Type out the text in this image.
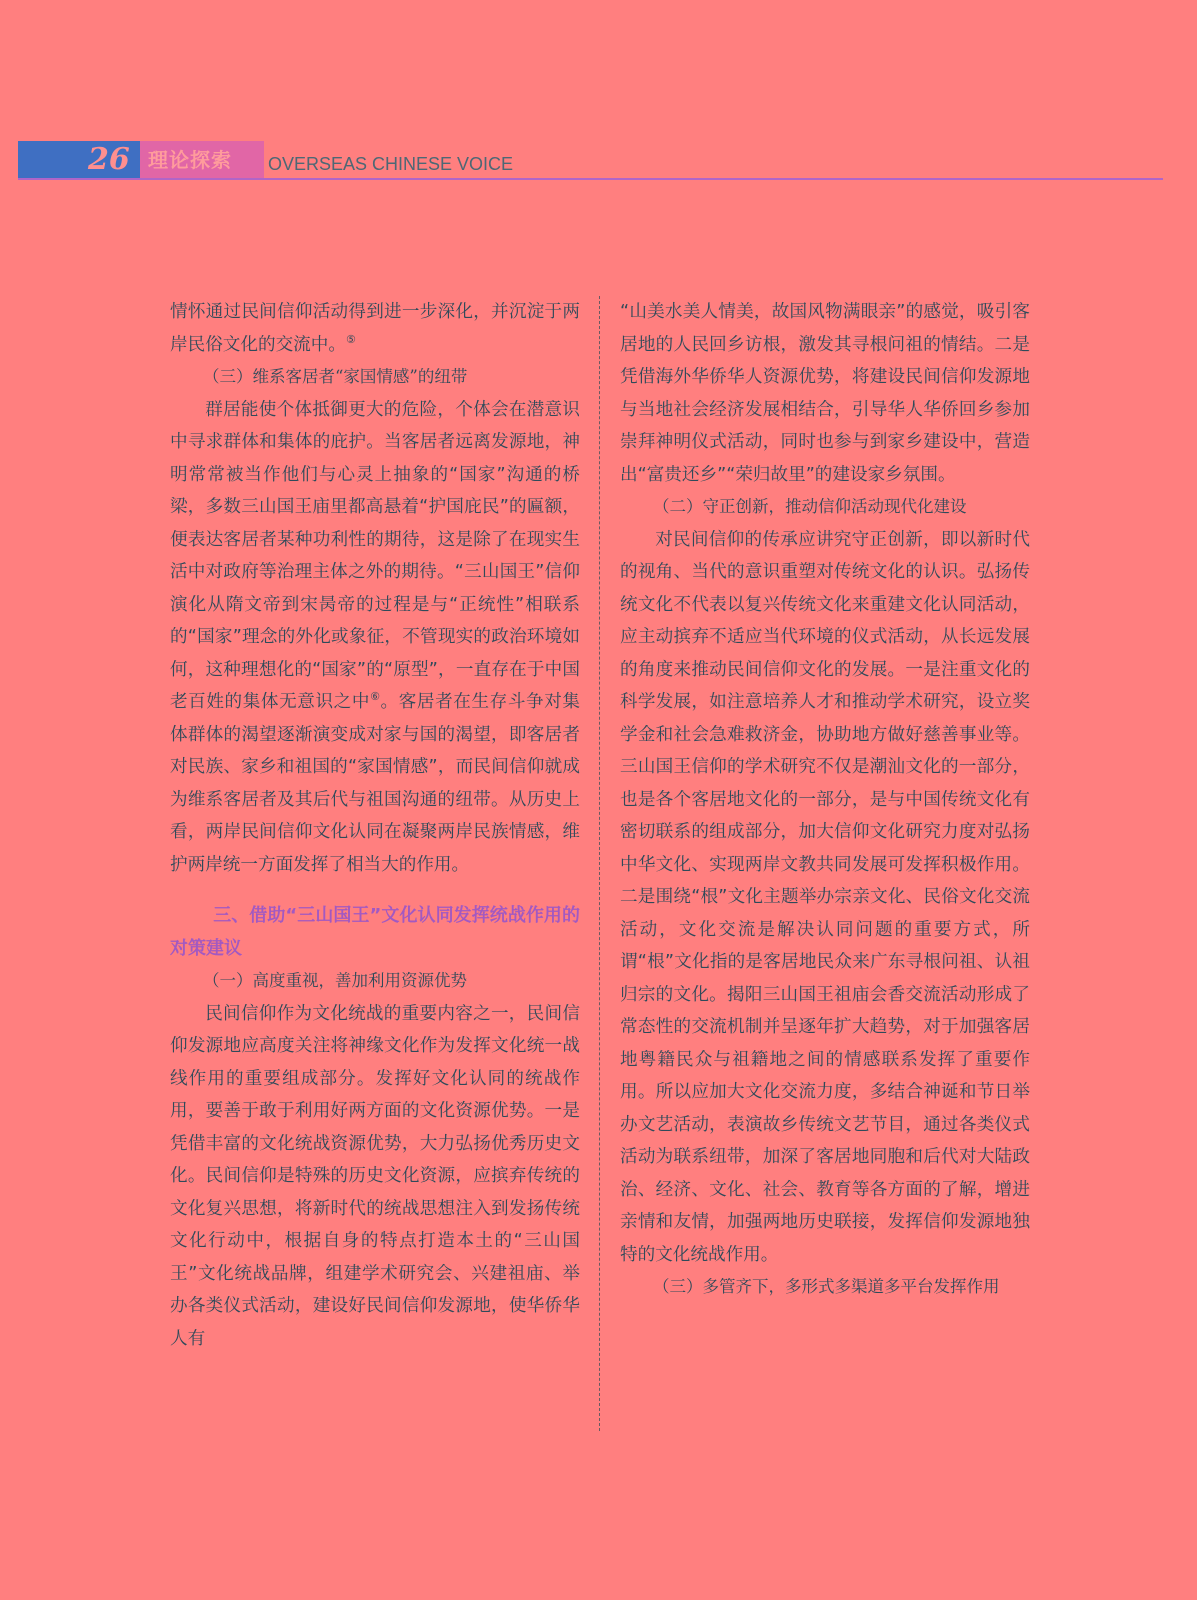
26 理论探索 OVERSEAS CHINESE VOICE

情怀通过民间信仰活动得到进一步深化，并沉淀于两岸民俗文化的交流中。⑤

（三）维系客居者“家国情感”的纽带

群居能使个体抵御更大的危险，个体会在潜意识中寻求群体和集体的庇护。当客居者远离发源地，神明常常被当作他们与心灵上抽象的“国家”沟通的桥梁，多数三山国王庙里都高悬着“护国庇民”的匾额，便表达客居者某种功利性的期待，这是除了在现实生活中对政府等治理主体之外的期待。“三山国王”信仰演化从隋文帝到宋昺帝的过程是与“正统性”相联系的“国家”理念的外化或象征，不管现实的政治环境如何，这种理想化的“国家”的“原型”，一直存在于中国老百姓的集体无意识之中⑥。客居者在生存斗争对集体群体的渴望逐渐演变成对家与国的渴望，即客居者对民族、家乡和祖国的“家国情感”，而民间信仰就成为维系客居者及其后代与祖国沟通的纽带。从历史上看，两岸民间信仰文化认同在凝聚两岸民族情感，维护两岸统一方面发挥了相当大的作用。

三、借助“三山国王”文化认同发挥统战作用的对策建议

（一）高度重视，善加利用资源优势

民间信仰作为文化统战的重要内容之一，民间信仰发源地应高度关注将神缘文化作为发挥文化统一战线作用的重要组成部分。发挥好文化认同的统战作用，要善于敢于利用好两方面的文化资源优势。一是凭借丰富的文化统战资源优势，大力弘扬优秀历史文化。民间信仰是特殊的历史文化资源，应摈弃传统的文化复兴思想，将新时代的统战思想注入到发扬传统文化行动中，根据自身的特点打造本土的“三山国王”文化统战品牌，组建学术研究会、兴建祖庙、举办各类仪式活动，建设好民间信仰发源地，使华侨华人有

“山美水美人情美，故国风物满眼亲”的感觉，吸引客居地的人民回乡访根，激发其寻根问祖的情结。二是凭借海外华侨华人资源优势，将建设民间信仰发源地与当地社会经济发展相结合，引导华人华侨回乡参加崇拜神明仪式活动，同时也参与到家乡建设中，营造出“富贵还乡”“荣归故里”的建设家乡氛围。

（二）守正创新，推动信仰活动现代化建设

对民间信仰的传承应讲究守正创新，即以新时代的视角、当代的意识重塑对传统文化的认识。弘扬传统文化不代表以复兴传统文化来重建文化认同活动，应主动摈弃不适应当代环境的仪式活动，从长远发展的角度来推动民间信仰文化的发展。一是注重文化的科学发展，如注意培养人才和推动学术研究，设立奖学金和社会急难救济金，协助地方做好慈善事业等。三山国王信仰的学术研究不仅是潮汕文化的一部分，也是各个客居地文化的一部分，是与中国传统文化有密切联系的组成部分，加大信仰文化研究力度对弘扬中华文化、实现两岸文教共同发展可发挥积极作用。二是围绕“根”文化主题举办宗亲文化、民俗文化交流活动，文化交流是解决认同问题的重要方式，所谓“根”文化指的是客居地民众来广东寻根问祖、认祖归宗的文化。揭阳三山国王祖庙会香交流活动形成了常态性的交流机制并呈逐年扩大趋势，对于加强客居地粤籍民众与祖籍地之间的情感联系发挥了重要作用。所以应加大文化交流力度，多结合神诞和节日举办文艺活动，表演故乡传统文艺节目，通过各类仪式活动为联系纽带，加深了客居地同胞和后代对大陆政治、经济、文化、社会、教育等各方面的了解，增进亲情和友情，加强两地历史联接，发挥信仰发源地独特的文化统战作用。

（三）多管齐下，多形式多渠道多平台发挥作用
